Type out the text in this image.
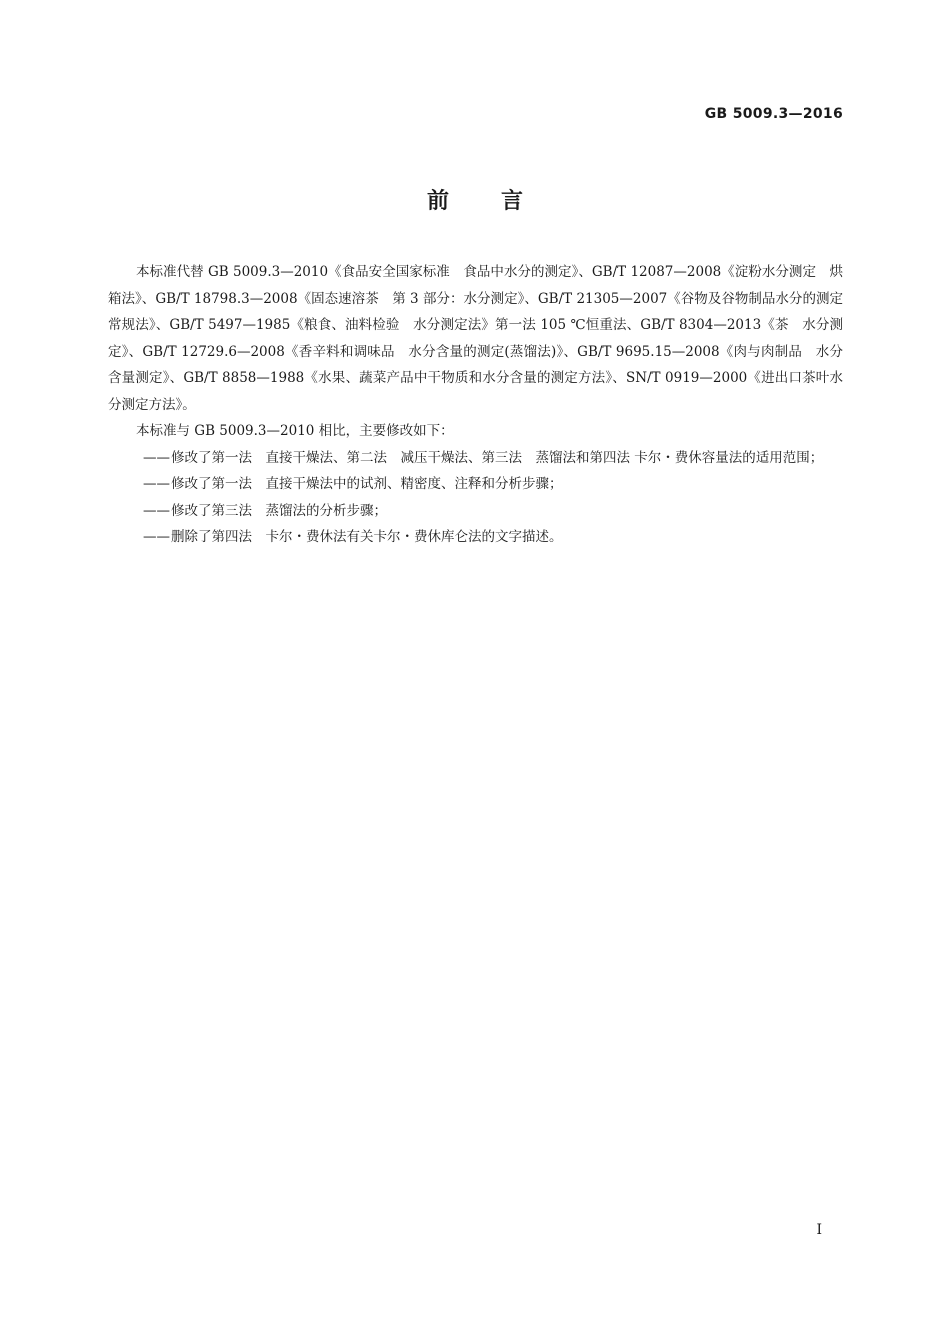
GB 5009.3—2016
前言

本标准代替 GB 5009.3—2010《食品安全国家标准　食品中水分的测定》、GB/T 12087—2008《淀粉水分测定　烘箱法》、GB/T 18798.3—2008《固态速溶茶　第 3 部分：水分测定》、GB/T 21305—2007《谷物及谷物制品水分的测定　常规法》、GB/T 5497—1985《粮食、油料检验　水分测定法》第一法 105 ℃恒重法、GB/T 8304—2013《茶　水分测定》、GB/T 12729.6—2008《香辛料和调味品　水分含量的测定(蒸馏法)》、GB/T 9695.15—2008《肉与肉制品　水分含量测定》、GB/T 8858—1988《水果、蔬菜产品中干物质和水分含量的测定方法》、SN/T 0919—2000《进出口茶叶水分测定方法》。

本标准与 GB 5009.3—2010 相比，主要修改如下：

——修改了第一法　直接干燥法、第二法　减压干燥法、第三法　蒸馏法和第四法 卡尔・费休容量法的适用范围；

——修改了第一法　直接干燥法中的试剂、精密度、注释和分析步骤；

——修改了第三法　蒸馏法的分析步骤；

——删除了第四法　卡尔・费休法有关卡尔・费休库仑法的文字描述。

I
